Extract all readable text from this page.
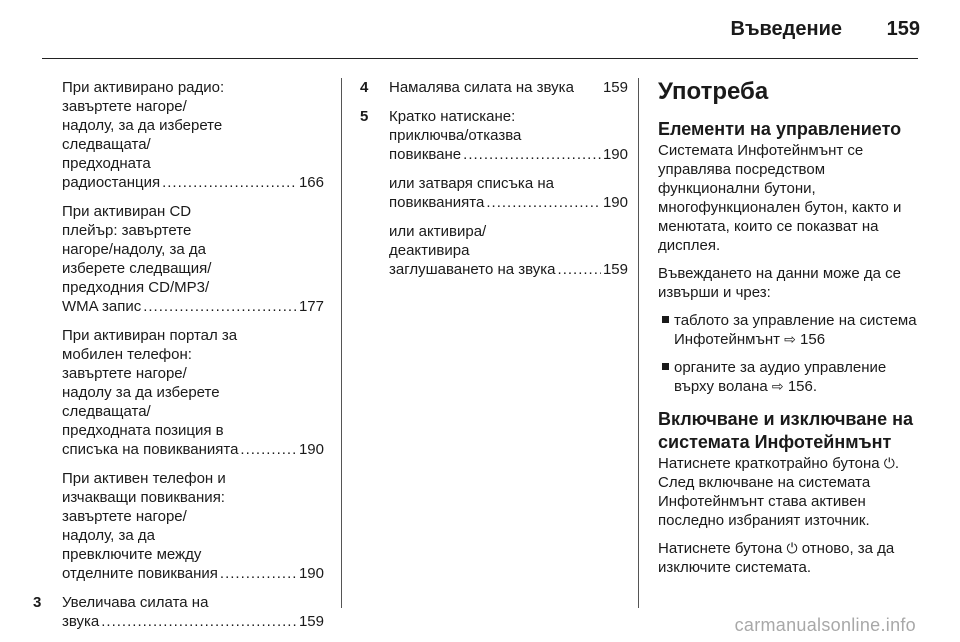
Въведение 159
При активирано радио:
завъртете нагоре/
надолу, за да изберете
следващата/
предходната
радиостанция .....	166
При активиран CD
плейър: завъртете
нагоре/надолу, за да
изберете следващия/
предходния CD/MP3/
WMA запис .....	177
При активиран портал за
мобилен телефон:
завъртете нагоре/
надолу за да изберете
следващата/
предходната позиция в
списъка на повикванията .....	190
При активен телефон и
изчакващи повиквания:
завъртете нагоре/
надолу, за да
превключите между
отделните повиквания .....	190
3 Увеличава силата на
звука .....	159
4 Намалява силата на звука 159
5 Кратко натискане:
приключва/отказва
повикване .....	190
или затваря списъка на
повикванията .....	190
или активира/
деактивира
заглушаването на звука .....	159
Употреба
Елементи на управлението
Системата Инфотейнмънт се управлява посредством функционални бутони, многофункционален бутон, както и менютата, които се показват на дисплея.
Въвеждането на данни може да се извърши и чрез:
таблото за управление на система Инфотейнмънт ⇨ 156
органите за аудио управление върху волана ⇨ 156.
Включване и изключване на системата Инфотейнмънт
Натиснете краткотрайно бутона ⏻. След включване на системата Инфотейнмънт става активен последно избраният източник.
Натиснете бутона ⏻ отново, за да изключите системата.
carmanualsonline.info
